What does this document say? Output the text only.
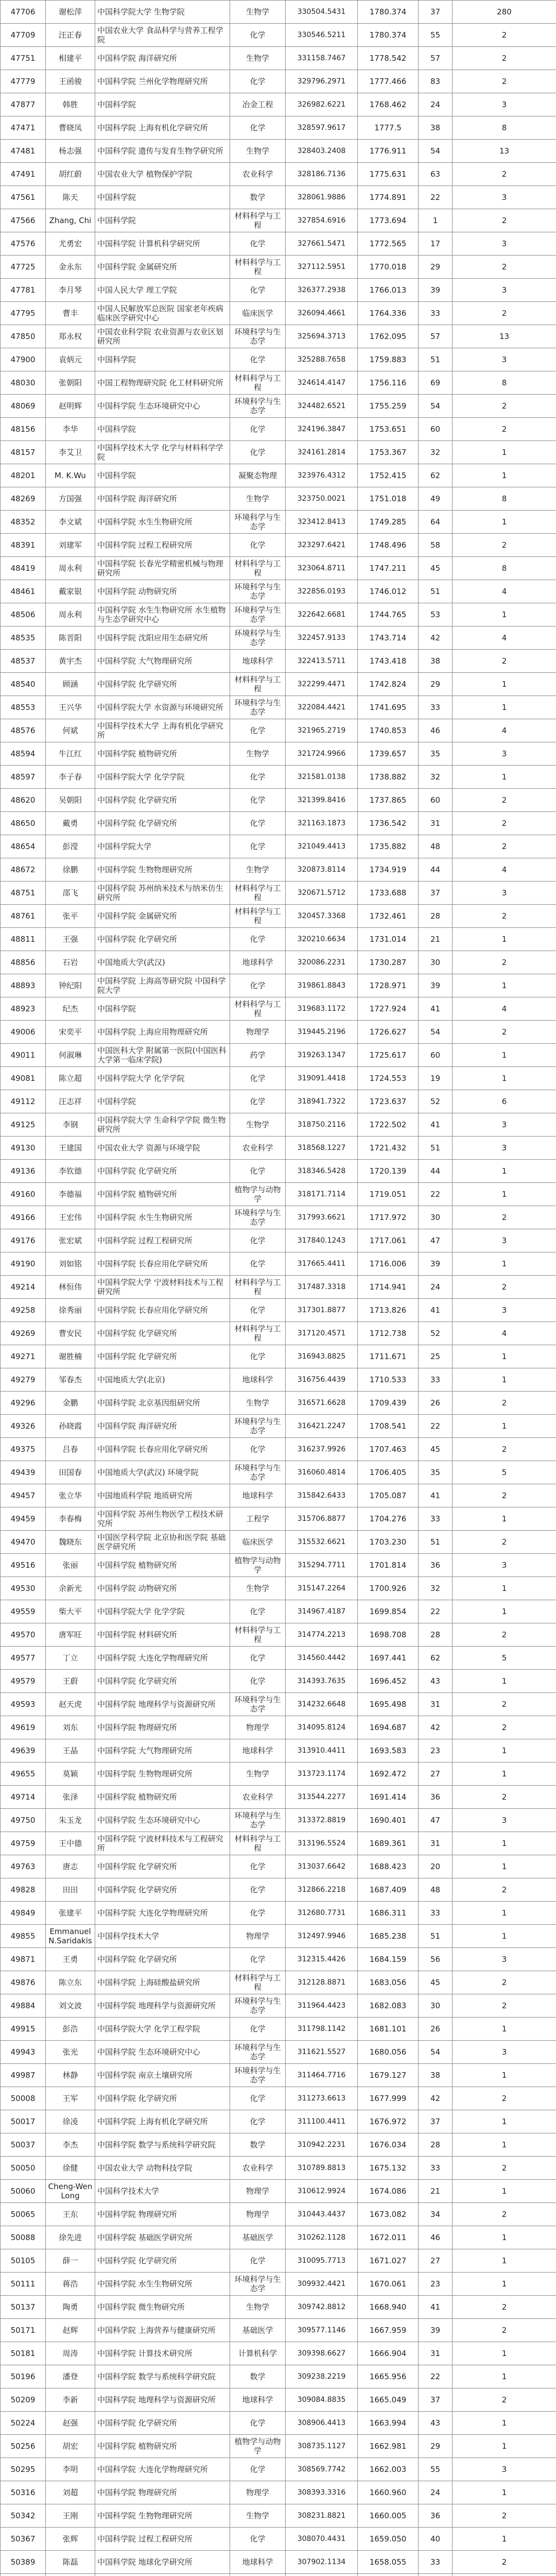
47706	谢松萍	中国科学院大学 生物学院	生物学	330504.5431	1780.374	37	280
47709	汪正春	中国农业大学 食品科学与营养工程学院	化学	330546.5211	1780.374	55	2
47751	相建平	中国科学院 海洋研究所	生物学	331158.7467	1778.542	57	2
47779	王函骏	中国科学院 兰州化学物理研究所	化学	329796.2971	1777.466	83	2
47877	韩胜	中国科学院	冶金工程	326982.6221	1768.462	24	3
47471	曹晓凤	中国科学院 上海有机化学研究所	化学	328597.9617	1777.5	38	8
47481	杨志强	中国科学院 遗传与发育生物学研究所	生物学	328403.2408	1776.911	54	13
47491	胡红蔚	中国农业大学 植物保护学院	农业科学	328186.7136	1775.631	63	2
47561	陈天	中国科学院	数学	328061.9886	1774.891	22	3
47566	Zhang, Chi	中国科学院	材料科学与工程	327854.6916	1773.694	1	2
47576	尤勇宏	中国科学院 计算机科学研究所	化学	327661.5471	1772.565	17	3
47725	金永东	中国科学院 金属研究所	材料科学与工程	327112.5951	1770.018	29	2
47781	李月琴	中国人民大学 理工学院	化学	326377.2938	1766.013	39	3
47795	曹丰	中国人民解放军总医院 国家老年疾病临床医学研究中心	临床医学	326094.4661	1764.336	33	2
47850	郑永权	中国农业科学院 农业资源与农业区划研究所	环境科学与生态学	325694.3713	1762.095	57	13
47900	袁炳元	中国科学院	化学	325288.7658	1759.883	51	3
48030	张朝阳	中国工程物理研究院 化工材料研究所	材料科学与工程	324614.4147	1756.116	69	8
48069	赵明辉	中国科学院 生态环境研究中心	环境科学与生态学	324482.6521	1755.259	54	2
48156	李华	中国科学院	化学	324196.3847	1753.651	60	2
48157	李艾卫	中国科学技术大学 化学与材料科学学院	化学	324161.2814	1753.367	32	1
48201	M. K.Wu	中国科学院	凝聚态物理	323976.4312	1752.415	62	1
48269	方国强	中国科学院 海洋研究所	生物学	323750.0021	1751.018	49	8
48352	李文斌	中国科学院 水生生物研究所	环境科学与生态学	323412.8413	1749.285	64	1
48391	刘建军	中国科学院 过程工程研究所	化学	323297.6421	1748.496	58	2
48419	周永利	中国科学院 长春光学精密机械与物理研究所	材料科学与工程	323064.8711	1747.211	45	8
48461	戴家银	中国科学院 动物研究所	环境科学与生态学	322856.0193	1746.012	51	4
48506	周永利	中国科学院 水生生物研究所 水生植物与生态学研究中心	环境科学与生态学	322642.6681	1744.765	53	1
48535	陈晋阳	中国科学院 沈阳应用生态研究所	环境科学与生态学	322457.9133	1743.714	42	4
48537	黄宇杰	中国科学院 大气物理研究所	地球科学	322413.5711	1743.418	38	2
48540	顾涵	中国科学院 化学研究所	材料科学与工程	322299.4471	1742.824	29	1
48553	王兴华	中国科学院大学 水资源与环境研究所	环境科学与生态学	322084.4421	1741.695	33	1
48576	何斌	中国科学技术大学 上海有机化学研究所	化学	321965.2719	1740.853	46	4
48594	牛江红	中国科学院 植物研究所	生物学	321724.9966	1739.657	35	3
48597	李子春	中国科学院大学 化学学院	化学	321581.0138	1738.882	32	1
48620	吴朝阳	中国科学院 化学研究所	化学	321399.8416	1737.865	60	2
48650	戴勇	中国科学院 化学研究所	化学	321163.1873	1736.542	31	2
48654	彭滢	中国科学院大学	化学	321049.4413	1735.882	48	2
48672	徐鹏	中国科学院 生物物理研究所	生物学	320873.8114	1734.919	44	4
48751	邵飞	中国科学院 苏州纳米技术与纳米仿生研究所	材料科学与工程	320671.5712	1733.688	37	3
48761	张平	中国科学院 金属研究所	材料科学与工程	320457.3368	1732.461	28	2
48811	王强	中国科学院 化学研究所	化学	320210.6634	1731.014	21	1
48856	石岩	中国地质大学(武汉)	地球科学	320086.2231	1730.287	30	2
48893	钟纪阳	中国科学院 上海高等研究院 中国科学院大学	化学	319861.8843	1728.971	39	1
48923	纪杰	中国科学院	材料科学与工程	319683.1172	1727.924	41	4
49006	宋奕平	中国科学院 上海应用物理研究所	物理学	319445.2196	1726.627	54	2
49011	何淑琳	中国医科大学 附属第一医院(中国医科大学第一临床学院)	药学	319263.1347	1725.617	60	1
49081	陈立超	中国科学院大学 化学学院	化学	319091.4418	1724.553	19	1
49112	汪志祥	中国科学院	化学	318941.7322	1723.637	52	6
49125	李钢	中国科学院大学 生命科学学院 微生物研究所	生物学	318750.2116	1722.502	41	3
49130	王建国	中国农业大学 资源与环境学院	农业科学	318568.1227	1721.432	51	3
49136	李钦德	中国科学院 化学研究所	化学	318346.5428	1720.139	44	1
49160	李德福	中国科学院 植物研究所	植物学与动物学	318171.7114	1719.051	22	1
49166	王宏伟	中国科学院 水生生物研究所	环境科学与生态学	317993.6621	1717.972	30	2
49176	张宏斌	中国科学院 过程工程研究所	化学	317840.1243	1717.061	47	3
49190	刘如铭	中国科学院 长春应用化学研究所	化学	317665.4411	1716.006	39	1
49214	林恒伟	中国科学院大学 宁波材料技术与工程研究所	材料科学与工程	317487.3318	1714.941	24	2
49258	徐秀丽	中国科学院 长春应用化学研究所	化学	317301.8877	1713.826	41	3
49269	曹安民	中国科学院 化学研究所	材料科学与工程	317120.4571	1712.738	52	4
49271	谢胜楠	中国科学院 化学研究所	化学	316943.8825	1711.671	25	1
49279	邹春杰	中国地质大学(北京)	地球科学	316756.4439	1710.533	33	1
49296	金鹏	中国科学院 北京基因组研究所	生物学	316571.6628	1709.439	26	2
49326	孙晓霞	中国科学院 海洋研究所	环境科学与生态学	316421.2247	1708.541	22	1
49375	吕春	中国科学院 长春应用化学研究所	化学	316237.9926	1707.463	45	2
49439	田国春	中国地质大学(武汉) 环境学院	环境科学与生态学	316060.4814	1706.405	35	5
49457	张立华	中国地质科学院 地质研究所	地球科学	315842.6433	1705.087	41	2
49459	李春梅	中国科学院 苏州生物医学工程技术研究所	工程学	315706.8877	1704.276	33	1
49470	魏晓东	中国医学科学院 北京协和医学院 基础医学研究所	临床医学	315532.6621	1703.230	51	2
49516	张丽	中国科学院 植物研究所	植物学与动物学	315294.7711	1701.814	36	3
49530	余新光	中国科学院 动物研究所	生物学	315147.2264	1700.926	32	1
49559	柴大平	中国科学院大学 化学学院	化学	314967.4187	1699.854	22	1
49570	唐军旺	中国科学院 材料研究所	材料科学与工程	314774.2213	1698.708	28	2
49577	丁立	中国科学院 大连化学物理研究所	化学	314560.4442	1697.441	62	5
49579	王蔚	中国科学院 化学研究所	化学	314393.7635	1696.452	43	1
49593	赵天虎	中国科学院 地理科学与资源研究所	环境科学与生态学	314232.6648	1695.498	31	2
49619	刘东	中国科学院 物理研究所	物理学	314095.8124	1694.687	42	2
49639	王晶	中国科学院 大气物理研究所	地球科学	313910.4411	1693.583	23	1
49655	莫颖	中国科学院 生物物理研究所	生物学	313723.1174	1692.472	27	1
49714	张泽	中国科学院 植物研究所	农业科学	313544.2277	1691.414	36	2
49750	朱玉龙	中国科学院 生态环境研究中心	环境科学与生态学	313372.8819	1690.401	47	3
49759	王中德	中国科学院 宁波材料技术与工程研究所	材料科学与工程	313196.5524	1689.361	31	1
49763	唐志	中国科学院 化学研究所	化学	313037.6642	1688.423	20	1
49828	田田	中国科学院 化学研究所	化学	312866.2218	1687.409	48	2
49849	张建平	中国科学院 大连化学物理研究所	化学	312680.7731	1686.311	33	1
49855	Emmanuel N.Saridakis	中国科学技术大学	物理学	312497.9946	1685.238	51	1
49871	王勇	中国科学院 化学研究所	化学	312315.4426	1684.159	56	3
49876	陈立东	中国科学院 上海硅酸盐研究所	材料科学与工程	312128.8871	1683.056	45	2
49884	刘文波	中国科学院 地理科学与资源研究所	环境科学与生态学	311964.4423	1682.083	30	2
49915	彭浩	中国科学院大学 化学工程学院	化学	311798.1142	1681.101	26	1
49943	张光	中国科学院 生态环境研究中心	环境科学与生态学	311621.5527	1680.056	54	3
49987	林静	中国科学院 南京土壤研究所	环境科学与生态学	311464.7716	1679.127	38	1
50008	王军	中国科学院 化学研究所	化学	311273.6613	1677.999	42	2
50017	徐凌	中国科学院 上海有机化学研究所	化学	311100.4411	1676.972	37	1
50037	李杰	中国科学院 数学与系统科学研究院	数学	310942.2231	1676.034	28	1
50050	徐健	中国农业大学 动物科技学院	农业科学	310789.8813	1675.132	33	2
50060	Cheng-Wen Long	中国科学技术大学	物理学	310612.9924	1674.086	21	1
50065	王东	中国科学院 物理研究所	物理学	310443.4437	1673.082	34	2
50088	徐先进	中国科学院 基础医学研究所	基础医学	310262.1128	1672.011	46	1
50105	薛一	中国科学院 化学研究所	化学	310095.7713	1671.027	27	1
50111	蒋浩	中国科学院 水生生物研究所	环境科学与生态学	309932.4421	1670.061	23	1
50137	陶勇	中国科学院 微生物研究所	生物学	309742.8812	1668.940	41	2
50171	赵辉	中国科学院 上海营养与健康研究所	基础医学	309577.1146	1667.959	39	2
50181	周涛	中国科学院 计算技术研究所	计算机科学	309398.6627	1666.904	31	1
50196	潘登	中国科学院 数学与系统科学研究院	数学	309238.2219	1665.956	22	1
50209	李新	中国科学院 地理科学与资源研究所	地球科学	309084.8835	1665.049	37	2
50224	赵强	中国科学院 化学研究所	化学	308906.4413	1663.994	43	1
50256	胡宏	中国科学院 植物研究所	植物学与动物学	308735.1127	1662.981	29	1
50295	李明	中国科学院 大连化学物理研究所	化学	308569.7742	1662.003	55	3
50316	刘超	中国科学院 物理研究所	物理学	308393.3316	1660.960	24	1
50342	王刚	中国科学院 生物物理研究所	生物学	308231.8821	1660.005	36	2
50367	张辉	中国科学院 过程工程研究所	化学	308070.4431	1659.050	40	1
50389	陈磊	中国科学院 地球化学研究所	地球科学	307902.1134	1658.055	33	2
